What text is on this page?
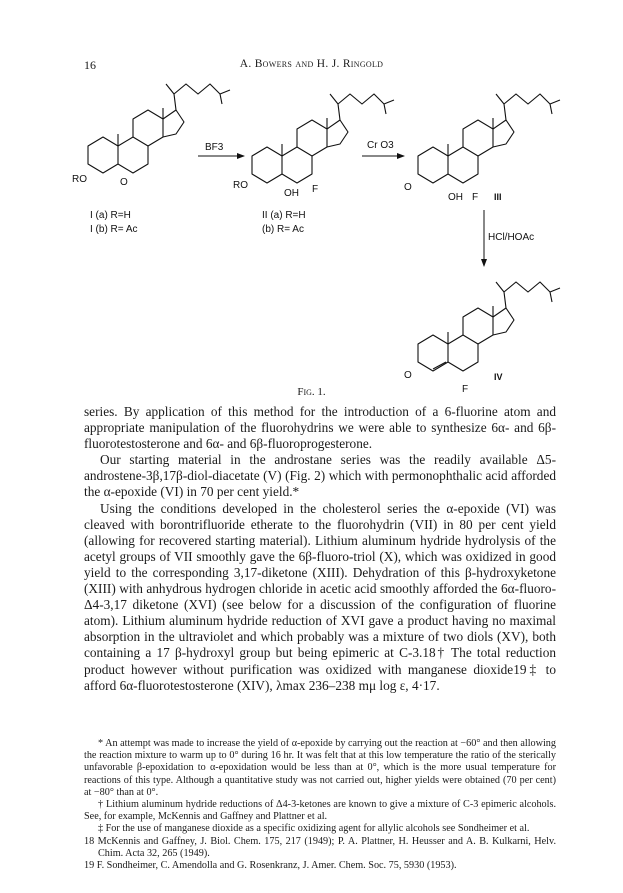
16	A. Bowers and H. J. Ringold
RO	O
I (a) R=H
I (b) R= Ac
BF3
RO
OH F
II (a) R=H
(b) R= Ac
Cr O3
O
OH F III
HCl/HOAc
O
F
IV
Fig. 1.

series. By application of this method for the introduction of a 6-fluorine atom and appropriate manipulation of the fluorohydrins we were able to synthesize 6α- and 6β-fluorotestosterone and 6α- and 6β-fluoroprogesterone.

Our starting material in the androstane series was the readily available Δ5-androstene-3β,17β-diol-diacetate (V) (Fig. 2) which with permonophthalic acid afforded the α-epoxide (VI) in 70 per cent yield.*

Using the conditions developed in the cholesterol series the α-epoxide (VI) was cleaved with borontrifluoride etherate to the fluorohydrin (VII) in 80 per cent yield (allowing for recovered starting material). Lithium aluminum hydride hydrolysis of the acetyl groups of VII smoothly gave the 6β-fluoro-triol (X), which was oxidized in good yield to the corresponding 3,17-diketone (XIII). Dehydration of this β-hydroxyketone (XIII) with anhydrous hydrogen chloride in acetic acid smoothly afforded the 6α-fluoro-Δ4-3,17 diketone (XVI) (see below for a discussion of the configuration of fluorine atom). Lithium aluminum hydride reduction of XVI gave a product having no maximal absorption in the ultraviolet and which probably was a mixture of two diols (XV), both containing a 17 β-hydroxyl group but being epimeric at C-3.18† The total reduction product however without purification was oxidized with manganese dioxide19‡ to afford 6α-fluorotestosterone (XIV), λmax 236–238 mμ log ε, 4·17.

* An attempt was made to increase the yield of α-epoxide by carrying out the reaction at −60° and then allowing the reaction mixture to warm up to 0° during 16 hr. It was felt that at this low temperature the ratio of the sterically unfavorable β-epoxidation to α-epoxidation would be less than at 0°, which is the more usual temperature for reactions of this type. Although a quantitative study was not carried out, higher yields were obtained (70 per cent) at −80° than at 0°.

† Lithium aluminum hydride reductions of Δ4-3-ketones are known to give a mixture of C-3 epimeric alcohols. See, for example, McKennis and Gaffney and Plattner et al.

‡ For the use of manganese dioxide as a specific oxidizing agent for allylic alcohols see Sondheimer et al.

18 McKennis and Gaffney, J. Biol. Chem. 175, 217 (1949); P. A. Plattner, H. Heusser and A. B. Kulkarni, Helv. Chim. Acta 32, 265 (1949).

19 F. Sondheimer, C. Amendolla and G. Rosenkranz, J. Amer. Chem. Soc. 75, 5930 (1953).
